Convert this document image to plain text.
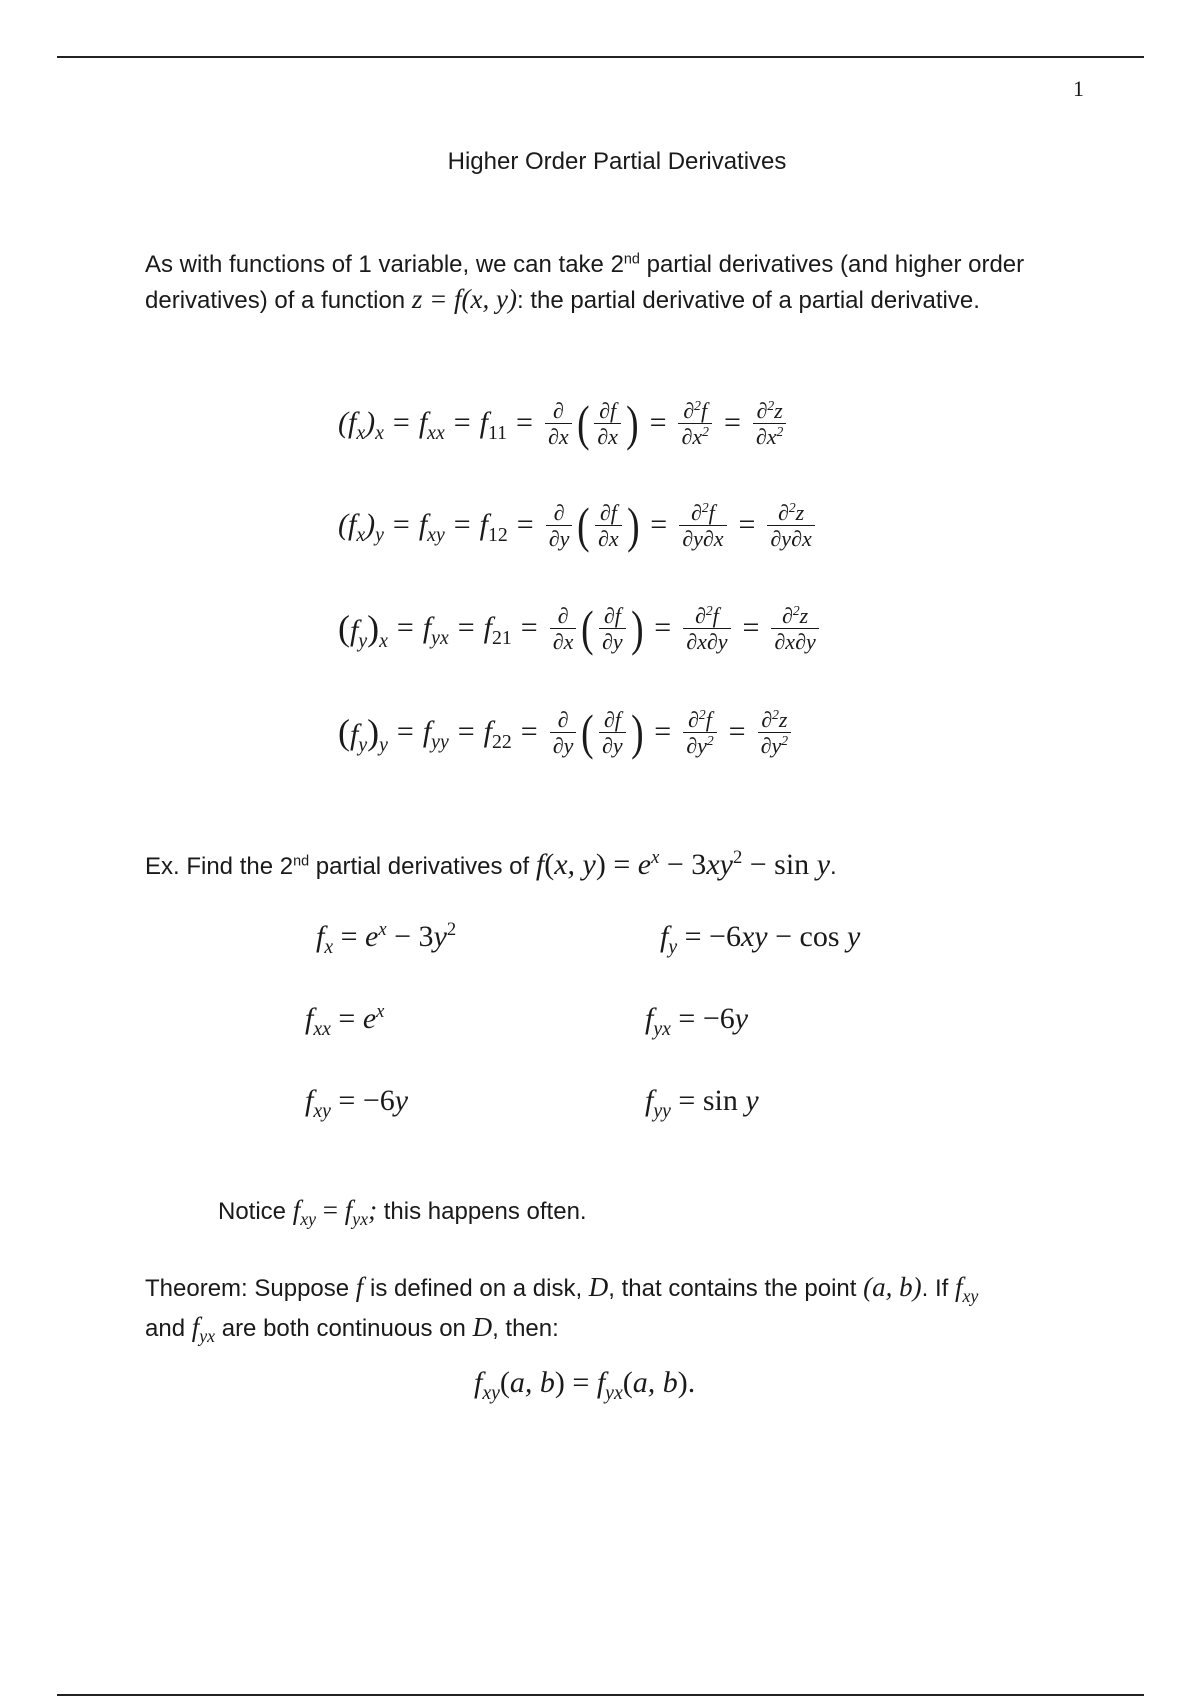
1
Higher Order Partial Derivatives
As with functions of 1 variable, we can take 2nd partial derivatives (and higher order derivatives) of a function z = f(x, y): the partial derivative of a partial derivative.
$(f_x)_x = f_{xx} = f_{11} = \frac{\partial}{\partial x}$ ( $\frac{\partial f}{\partial x}$ ) = $\frac{\partial^2f}{\partial x^2} = \frac{\partial^2z}{\partial x^2}$
$(f_x)_y = f_{xy} = f_{12} = \frac{\partial}{\partial y}$ ( $\frac{\partial f}{\partial x}$ ) = $\frac{\partial^2f}{\partial y\partial x} = \frac{\partial^2z}{\partial y\partial x}$
$(f_y)_x = f_{yx} = f_{21} = \frac{\partial}{\partial x}$ ( $\frac{\partial f}{\partial y}$ ) = $\frac{\partial^2f}{\partial x\partial y} = \frac{\partial^2z}{\partial x\partial y}$
$(f_y)_y = f_{yy} = f_{22} = \frac{\partial}{\partial y}$ ( $\frac{\partial f}{\partial y}$ ) = $\frac{\partial^2f}{\partial y^2} = \frac{\partial^2z}{\partial y^2}$
Ex. Find the 2nd partial derivatives of f(x, $y) = e^x - 3xy^2 - \sin y$.
$f_x = e^x - 3y^2$	$f_y = -6xy - \cos y$
$f_{xx} = e^x$	$f_{yx} = -6y$
$f_{xy} = -6y$	$f_{yy} = \sin y$
Notice $f_{xy} = f_{yx}$; this happens often.
Theorem: Suppose f is defined on a disk, D, that contains the point (a, b). If $f_{xy}$
and $f_{yx}$ are both continuous on D, then:
$f_{xy}(a$, $b) = f_{yx}(a$, b).
